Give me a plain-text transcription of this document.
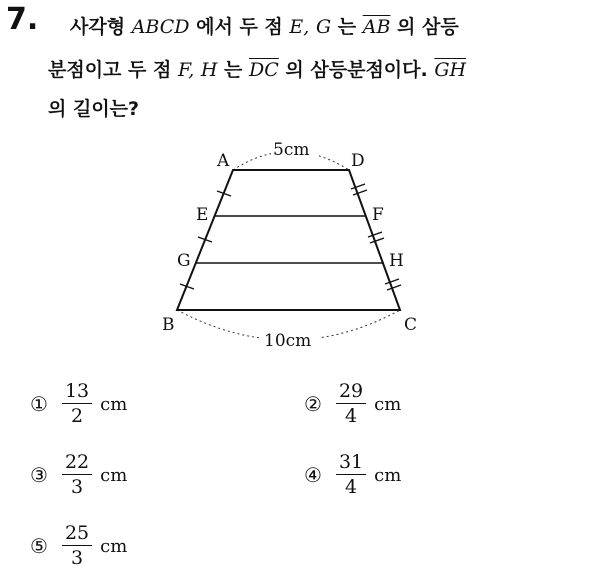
7. 사각형 ABCD 에서 두 점 E, G 는 $\overline{AB}$ 의 삼등
분점이고 두 점 F, H 는 $\overline{DC}$ 의 삼등분점이다. $\overline{GH}$
의 길이는?
A	D
E	F
G	H
B	C
5cm
10cm
① $\frac{13}{2}$ cm	② $\frac{29}{4}$ cm
③ $\frac{22}{3}$ cm	④ $\frac{31}{4}$ cm
⑤ $\frac{25}{3}$ cm
